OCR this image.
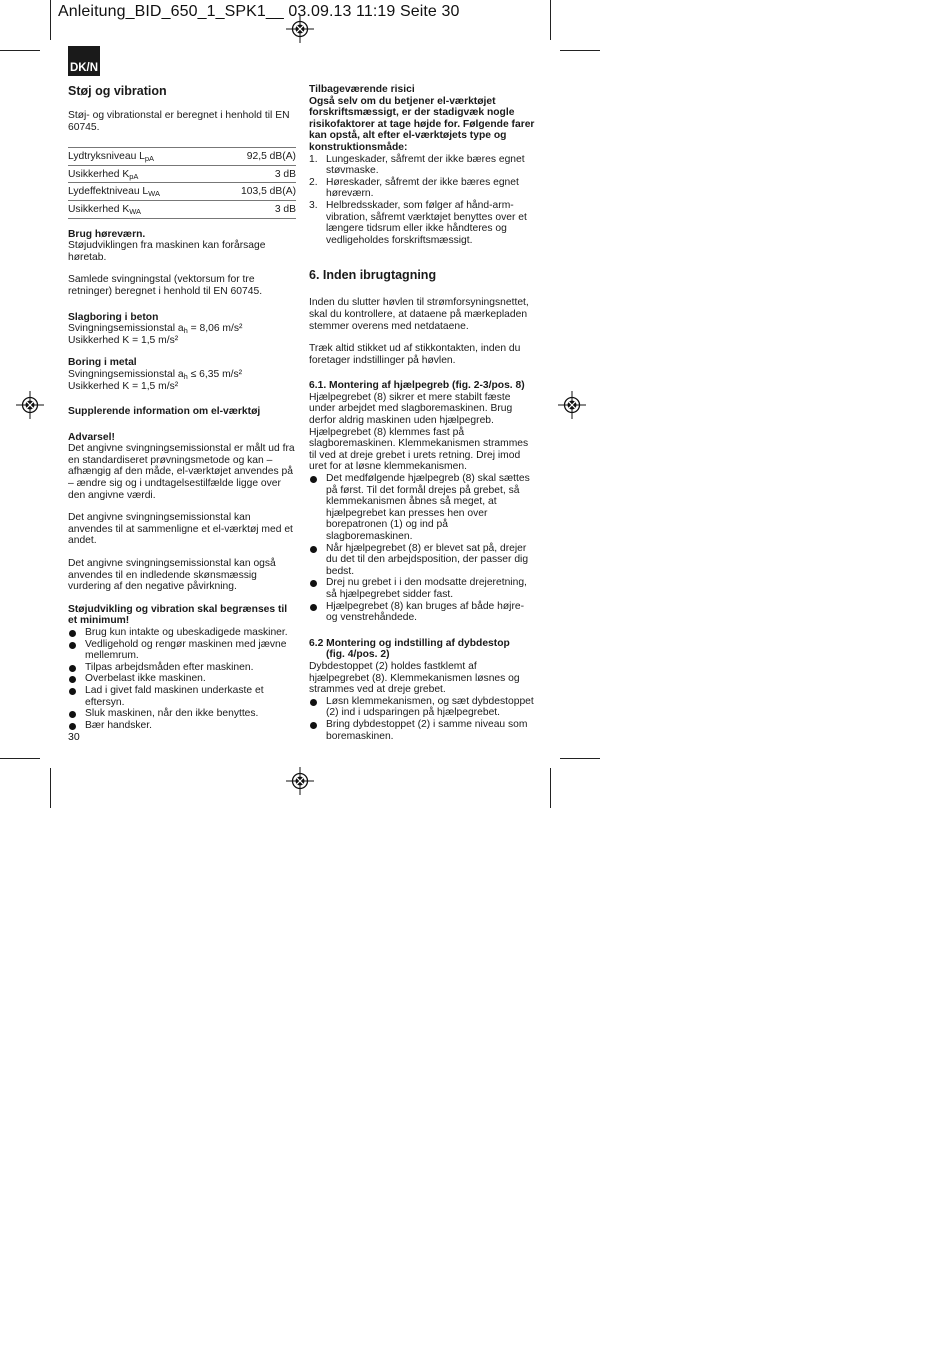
Anleitung_BID_650_1_SPK1__ 03.09.13 11:19 Seite 30
DK/N
Støj og vibration

Støj- og vibrationstal er beregnet i henhold til EN 60745.

Lydtryksniveau $L_{pA}$	92,5 dB(A)
Usikkerhed $K_{pA}$	3 dB
Lydeffektniveau $L_{WA}$	103,5 dB(A)
Usikkerhed $K_{WA}$	3 dB

Brug høreværn.
Støjudviklingen fra maskinen kan forårsage høretab.

Samlede svingningstal (vektorsum for tre retninger) beregnet i henhold til EN 60745.

Slagboring i beton
Svingningsemissionstal $a_h = 8,06$ m/s²
Usikkerhed K = 1,5 m/s²

Boring i metal
Svingningsemissionstal $a_h \le 6,35$ m/s²
Usikkerhed K = 1,5 m/s²

Supplerende information om el-værktøj

Advarsel!
Det angivne svingningsemissionstal er målt ud fra en standardiseret prøvningsmetode og kan – afhængig af den måde, el-værktøjet anvendes på – ændre sig og i undtagelsestilfælde ligge over den angivne værdi.

Det angivne svingningsemissionstal kan anvendes til at sammenligne et el-værktøj med et andet.

Det angivne svingningsemissionstal kan også anvendes til en indledende skønsmæssig vurdering af den negative påvirkning.

Støjudvikling og vibration skal begrænses til et minimum!

Brug kun intakte og ubeskadigede maskiner.
Vedligehold og rengør maskinen med jævne mellemrum.
Tilpas arbejdsmåden efter maskinen.
Overbelast ikke maskinen.
Lad i givet fald maskinen underkaste et eftersyn.
Sluk maskinen, når den ikke benyttes.
Bær handsker.

Tilbageværende risici
Også selv om du betjener el-værktøjet forskriftsmæssigt, er der stadigvæk nogle risikofaktorer at tage højde for. Følgende farer kan opstå, alt efter el-værktøjets type og konstruktionsmåde:

1. Lungeskader, såfremt der ikke bæres egnet støvmaske.
2. Høreskader, såfremt der ikke bæres egnet høreværn.
3. Helbredsskader, som følger af hånd-arm-vibration, såfremt værktøjet benyttes over et længere tidsrum eller ikke håndteres og vedligeholdes forskriftsmæssigt.
6. Inden ibrugtagning

Inden du slutter høvlen til strømforsyningsnettet, skal du kontrollere, at dataene på mærkepladen stemmer overens med netdataene.

Træk altid stikket ud af stikkontakten, inden du foretager indstillinger på høvlen.

6.1. Montering af hjælpegreb (fig. 2-3/pos. 8)
Hjælpegrebet (8) sikrer et mere stabilt fæste under arbejdet med slagboremaskinen. Brug derfor aldrig maskinen uden hjælpegreb. Hjælpegrebet (8) klemmes fast på slagboremaskinen. Klemmekanismen strammes til ved at dreje grebet i urets retning. Drej imod uret for at løsne klemmekanismen.

Det medfølgende hjælpegreb (8) skal sættes på først. Til det formål drejes på grebet, så klemmekanismen åbnes så meget, at hjælpegrebet kan presses hen over borepatronen (1) og ind på slagboremaskinen.
Når hjælpegrebet (8) er blevet sat på, drejer du det til den arbejdsposition, der passer dig bedst.
Drej nu grebet i i den modsatte drejeretning, så hjælpegrebet sidder fast.
Hjælpegrebet (8) kan bruges af både højre- og venstrehåndede.

6.2 Montering og indstilling af dybdestop
(fig. 4/pos. 2)
Dybdestoppet (2) holdes fastklemt af hjælpegrebet (8). Klemmekanismen løsnes og strammes ved at dreje grebet.

Løsn klemmekanismen, og sæt dybdestoppet (2) ind i udsparingen på hjælpegrebet.
Bring dybdestoppet (2) i samme niveau som boremaskinen.
30
